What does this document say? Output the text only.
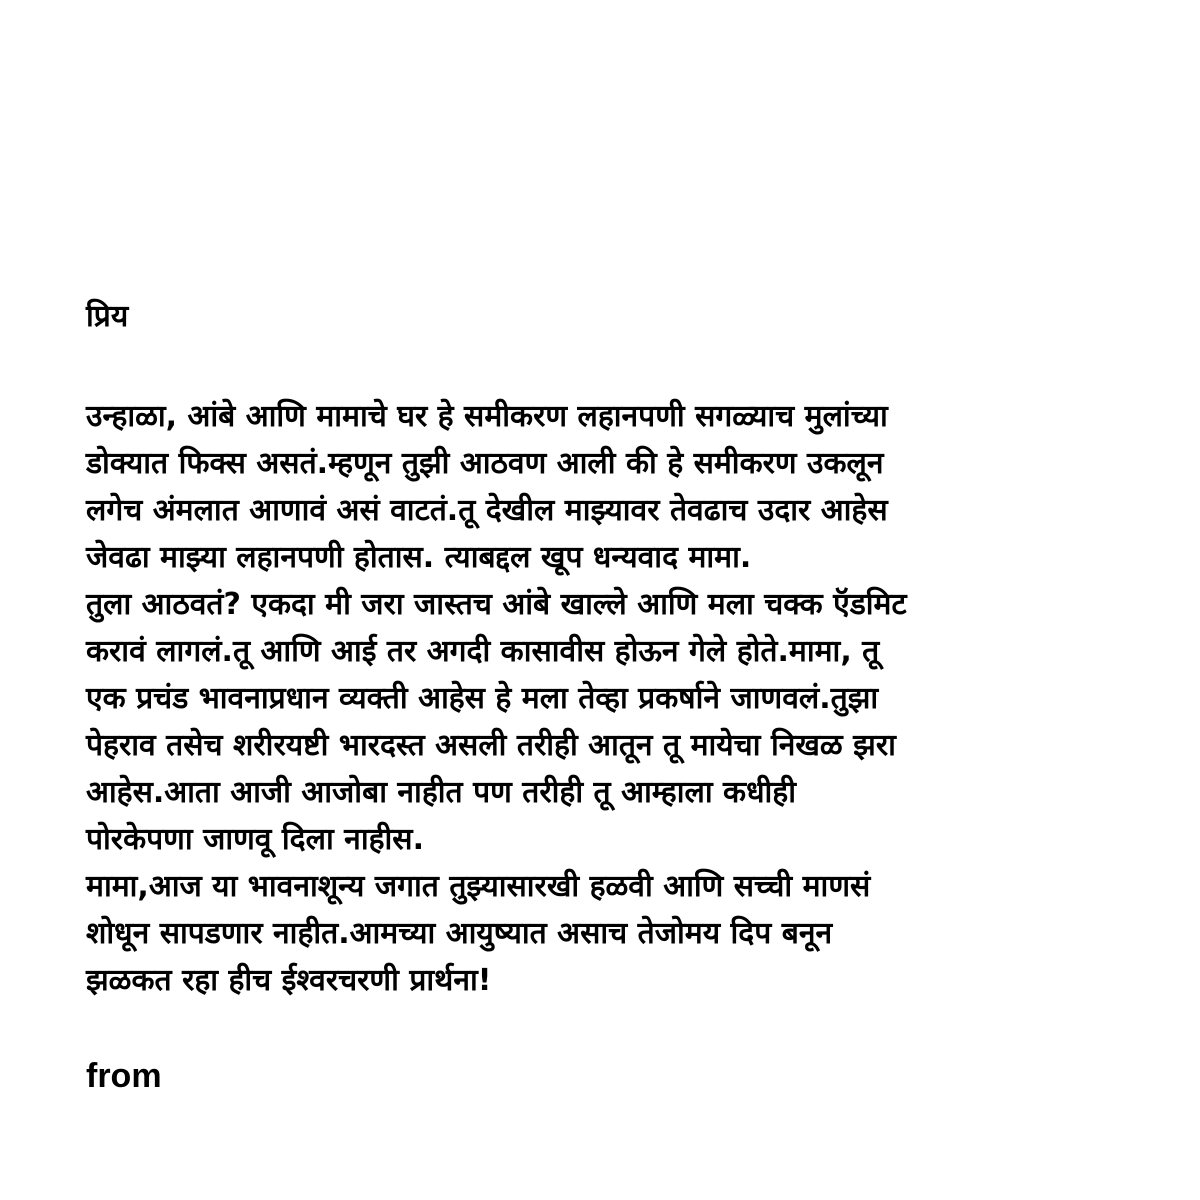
प्रिय

उन्हाळा, आंबे आणि मामाचे घर हे समीकरण लहानपणी सगळ्याच मुलांच्या

डोक्यात फिक्स असतं.म्हणून तुझी आठवण आली की हे समीकरण उकलून

लगेच अंमलात आणावं असं वाटतं.तू देखील माझ्यावर तेवढाच उदार आहेस

जेवढा माझ्या लहानपणी होतास. त्याबद्दल खूप धन्यवाद मामा.

तुला आठवतं? एकदा मी जरा जास्तच आंबे खाल्ले आणि मला चक्क ऍडमिट

करावं लागलं.तू आणि आई तर अगदी कासावीस होऊन गेले होते.मामा, तू

एक प्रचंड भावनाप्रधान व्यक्ती आहेस हे मला तेव्हा प्रकर्षाने जाणवलं.तुझा

पेहराव तसेच शरीरयष्टी भारदस्त असली तरीही आतून तू मायेचा निखळ झरा

आहेस.आता आजी आजोबा नाहीत पण तरीही तू आम्हाला कधीही

पोरकेपणा जाणवू दिला नाहीस.

मामा,आज या भावनाशून्य जगात तुझ्यासारखी हळवी आणि सच्ची माणसं

शोधून सापडणार नाहीत.आमच्या आयुष्यात असाच तेजोमय दिप बनून

झळकत रहा हीच ईश्वरचरणी प्रार्थना!

from
